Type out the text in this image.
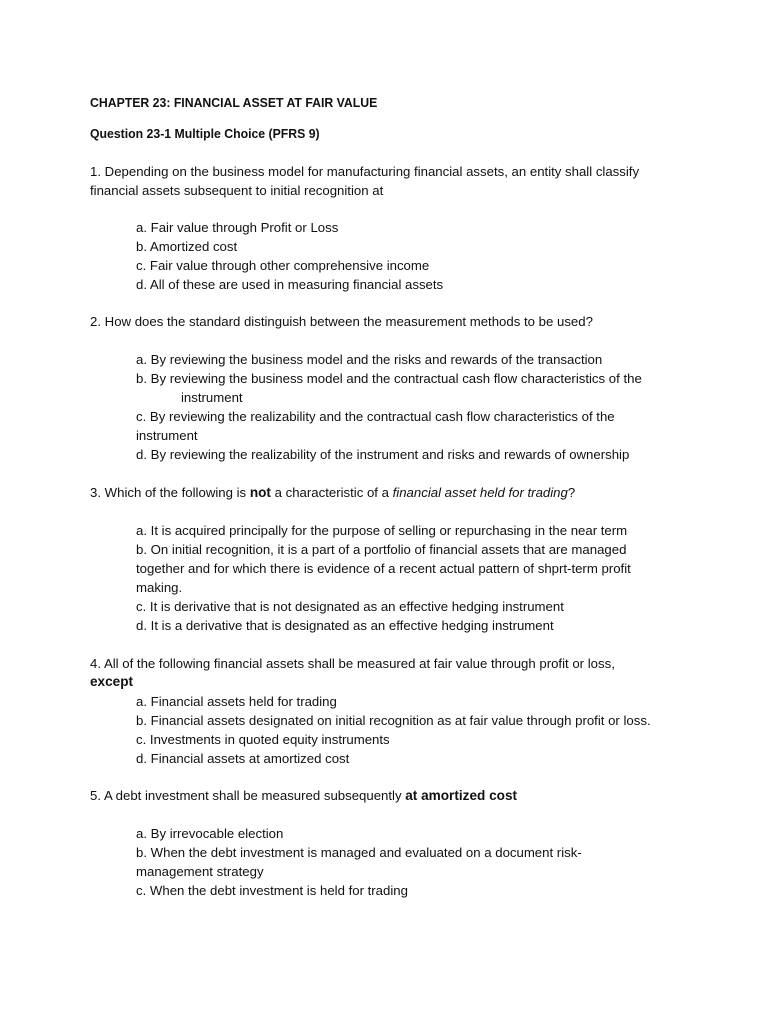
CHAPTER 23: FINANCIAL ASSET AT FAIR VALUE
Question 23-1 Multiple Choice (PFRS 9)
1. Depending on the business model for manufacturing financial assets, an entity shall classify
financial assets subsequent to initial recognition at
a. Fair value through Profit or Loss
b. Amortized cost
c. Fair value through other comprehensive income
d. All of these are used in measuring financial assets
2. How does the standard distinguish between the measurement methods to be used?
a. By reviewing the business model and the risks and rewards of the transaction
b. By reviewing the business model and the contractual cash flow characteristics of the
instrument
c. By reviewing the realizability and the contractual cash flow characteristics of the
instrument
d. By reviewing the realizability of the instrument and risks and rewards of ownership
3. Which of the following is not a characteristic of a financial asset held for trading?
a. It is acquired principally for the purpose of selling or repurchasing in the near term
b. On initial recognition, it is a part of a portfolio of financial assets that are managed
together and for which there is evidence of a recent actual pattern of shprt-term profit
making.
c. It is derivative that is not designated as an effective hedging instrument
d. It is a derivative that is designated as an effective hedging instrument
4. All of the following financial assets shall be measured at fair value through profit or loss,
except
a. Financial assets held for trading
b. Financial assets designated on initial recognition as at fair value through profit or loss.
c. Investments in quoted equity instruments
d. Financial assets at amortized cost
5. A debt investment shall be measured subsequently at amortized cost
a. By irrevocable election
b. When the debt investment is managed and evaluated on a document risk-
management strategy
c. When the debt investment is held for trading
